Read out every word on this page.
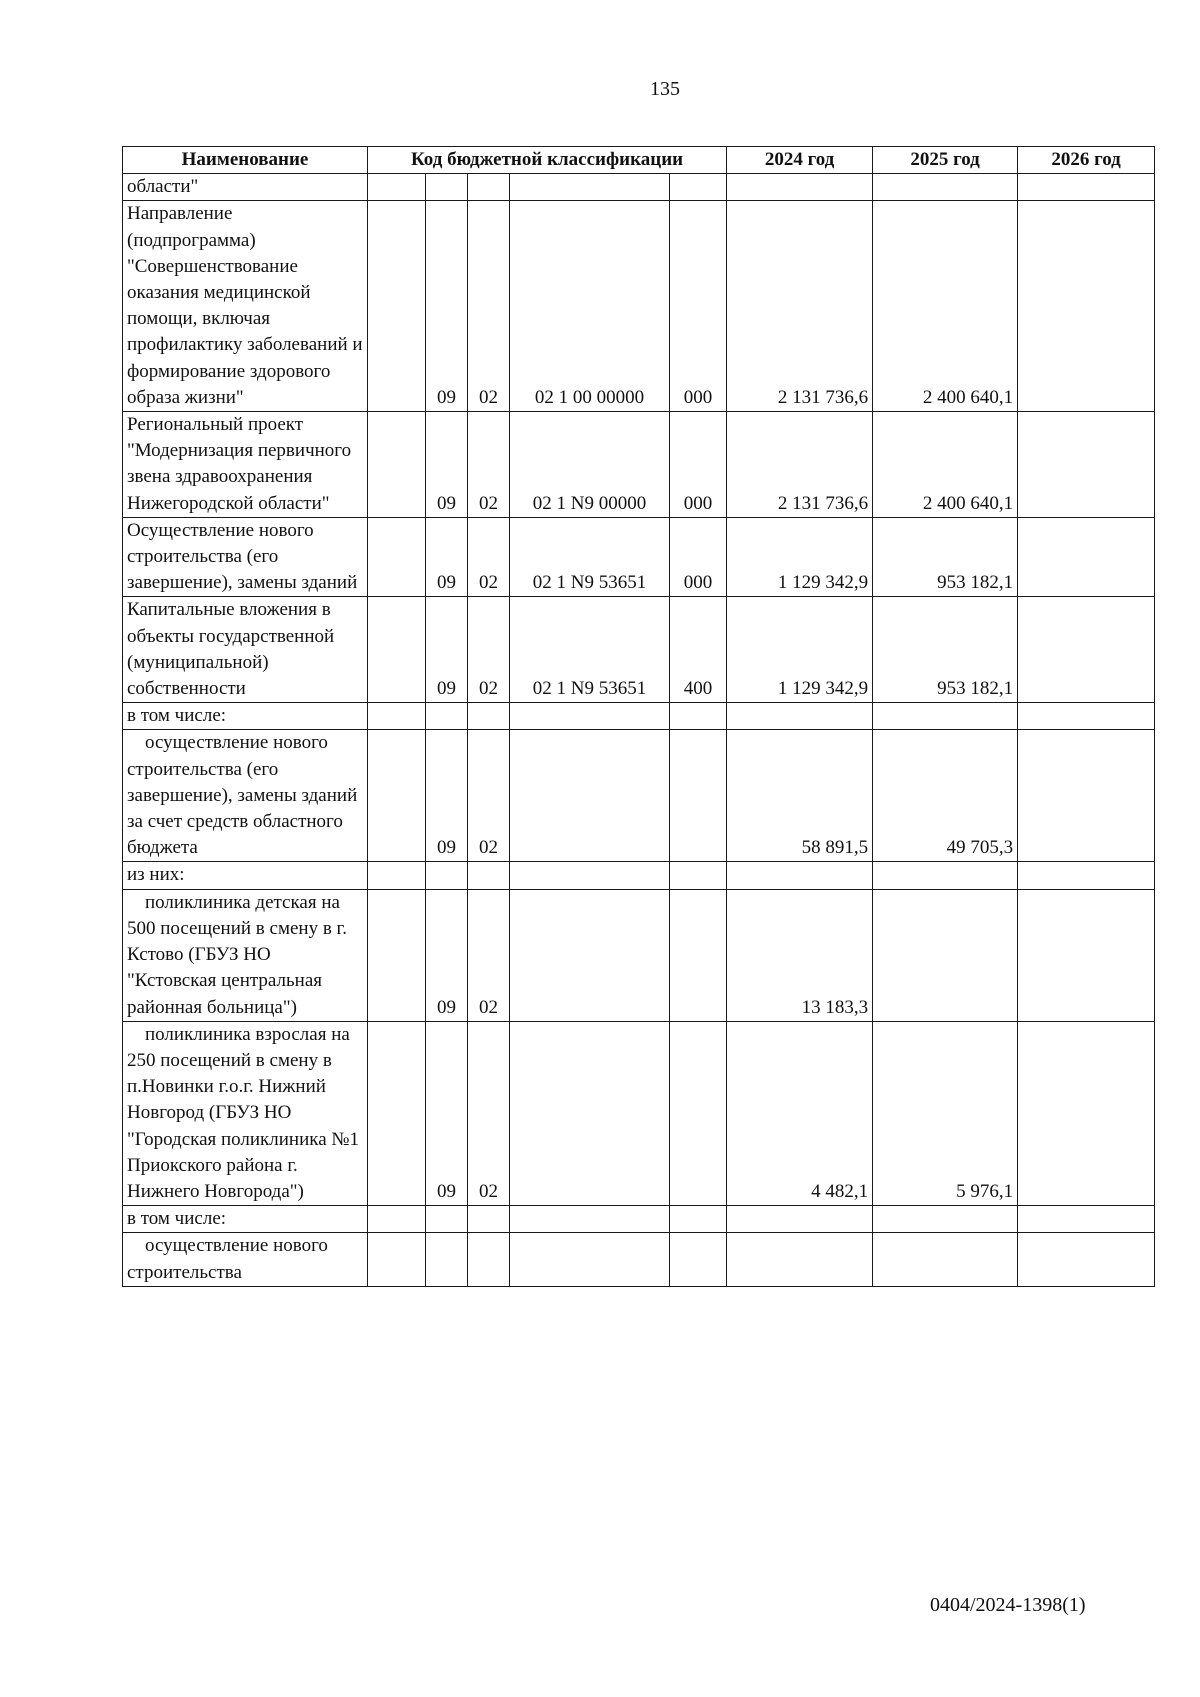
135
Наименование	Код бюджетной классификации					2024 год	2025 год	2026 год
области"								
Направление (подпрограмма) "Совершенствование оказания медицинской помощи, включая профилактику заболеваний и формирование здорового образа жизни"		09	02	02 1 00 00000	000	2 131 736,6	2 400 640,1	
Региональный проект "Модернизация первичного звена здравоохранения Нижегородской области"		09	02	02 1 N9 00000	000	2 131 736,6	2 400 640,1	
Осуществление нового строительства (его завершение), замены зданий		09	02	02 1 N9 53651	000	1 129 342,9	953 182,1	
Капитальные вложения в объекты государственной (муниципальной) собственности		09	02	02 1 N9 53651	400	1 129 342,9	953 182,1	
в том числе:								
осуществление нового строительства (его завершение), замены зданий за счет средств областного бюджета		09	02			58 891,5	49 705,3	
из них:								
поликлиника детская на 500 посещений в смену в г. Кстово (ГБУЗ НО "Кстовская центральная районная больница")		09	02			13 183,3		
поликлиника взрослая на 250 посещений в смену в п.Новинки г.о.г. Нижний Новгород (ГБУЗ НО "Городская поликлиника №1 Приокского района г. Нижнего Новгорода")		09	02			4 482,1	5 976,1	
в том числе:								
осуществление нового строительства								
0404/2024-1398(1)
